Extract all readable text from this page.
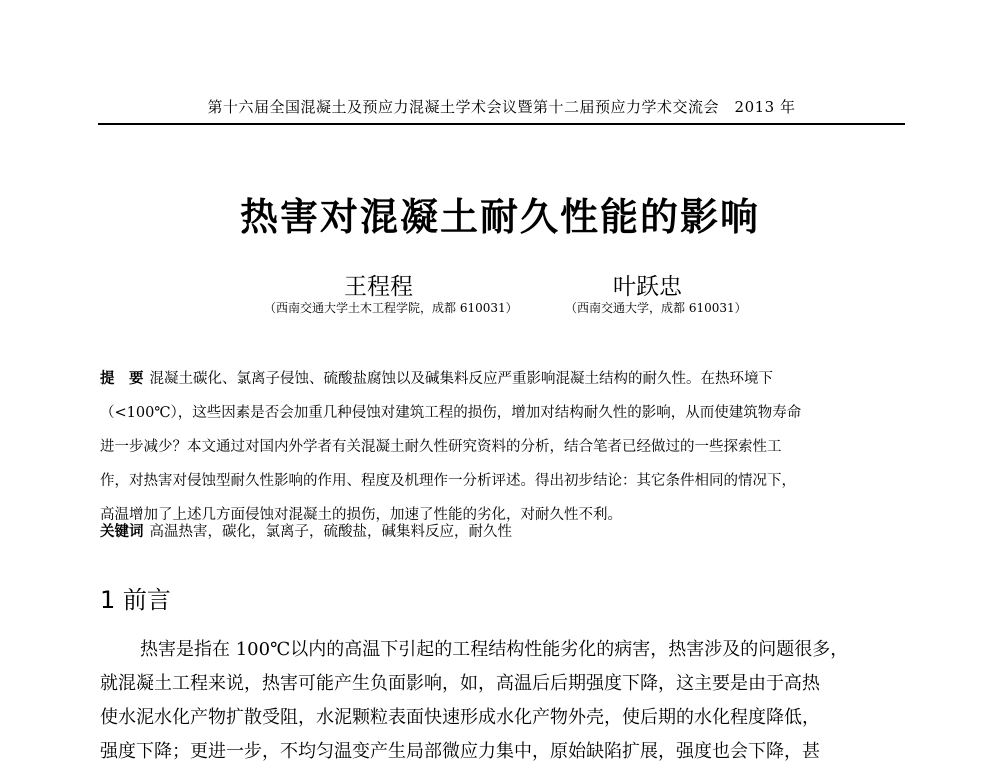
第十六届全国混凝土及预应力混凝土学术会议暨第十二届预应力学术交流会　2013 年
热害对混凝土耐久性能的影响
王程程	叶跃忠
（西南交通大学土木工程学院，成都 610031）	（西南交通大学，成都 610031）
提　要 混凝土碳化、氯离子侵蚀、硫酸盐腐蚀以及碱集料反应严重影响混凝土结构的耐久性。在热环境下
（<100℃），这些因素是否会加重几种侵蚀对建筑工程的损伤，增加对结构耐久性的影响，从而使建筑物寿命
进一步减少？本文通过对国内外学者有关混凝土耐久性研究资料的分析，结合笔者已经做过的一些探索性工
作，对热害对侵蚀型耐久性影响的作用、程度及机理作一分析评述。得出初步结论：其它条件相同的情况下，
高温增加了上述几方面侵蚀对混凝土的损伤，加速了性能的劣化，对耐久性不利。
关键词 高温热害，碳化，氯离子，硫酸盐，碱集料反应，耐久性
1 前言
热害是指在 100℃以内的高温下引起的工程结构性能劣化的病害，热害涉及的问题很多，
就混凝土工程来说，热害可能产生负面影响，如，高温后后期强度下降，这主要是由于高热
使水泥水化产物扩散受阻，水泥颗粒表面快速形成水化产物外壳，使后期的水化程度降低，
强度下降；更进一步，不均匀温变产生局部微应力集中，原始缺陷扩展，强度也会下降，甚
